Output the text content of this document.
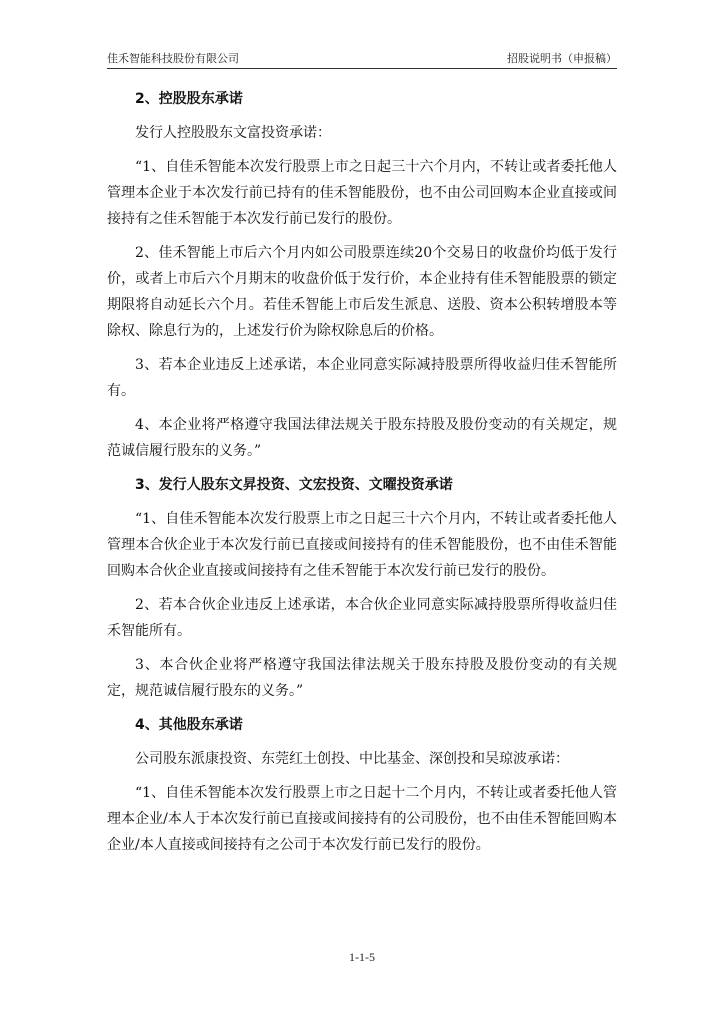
佳禾智能科技股份有限公司	招股说明书（申报稿）

2、控股股东承诺

发行人控股股东文富投资承诺：

“1、自佳禾智能本次发行股票上市之日起三十六个月内，不转让或者委托他人管理本企业于本次发行前已持有的佳禾智能股份，也不由公司回购本企业直接或间接持有之佳禾智能于本次发行前已发行的股份。

2、佳禾智能上市后六个月内如公司股票连续20个交易日的收盘价均低于发行价，或者上市后六个月期末的收盘价低于发行价，本企业持有佳禾智能股票的锁定期限将自动延长六个月。若佳禾智能上市后发生派息、送股、资本公积转增股本等除权、除息行为的，上述发行价为除权除息后的价格。

3、若本企业违反上述承诺，本企业同意实际减持股票所得收益归佳禾智能所有。

4、本企业将严格遵守我国法律法规关于股东持股及股份变动的有关规定，规范诚信履行股东的义务。”

3、发行人股东文昇投资、文宏投资、文曜投资承诺

“1、自佳禾智能本次发行股票上市之日起三十六个月内，不转让或者委托他人管理本合伙企业于本次发行前已直接或间接持有的佳禾智能股份，也不由佳禾智能回购本合伙企业直接或间接持有之佳禾智能于本次发行前已发行的股份。

2、若本合伙企业违反上述承诺，本合伙企业同意实际减持股票所得收益归佳禾智能所有。

3、本合伙企业将严格遵守我国法律法规关于股东持股及股份变动的有关规定，规范诚信履行股东的义务。”

4、其他股东承诺

公司股东派康投资、东莞红土创投、中比基金、深创投和吴琼波承诺：

“1、自佳禾智能本次发行股票上市之日起十二个月内，不转让或者委托他人管理本企业/本人于本次发行前已直接或间接持有的公司股份，也不由佳禾智能回购本企业/本人直接或间接持有之公司于本次发行前已发行的股份。

1-1-5
